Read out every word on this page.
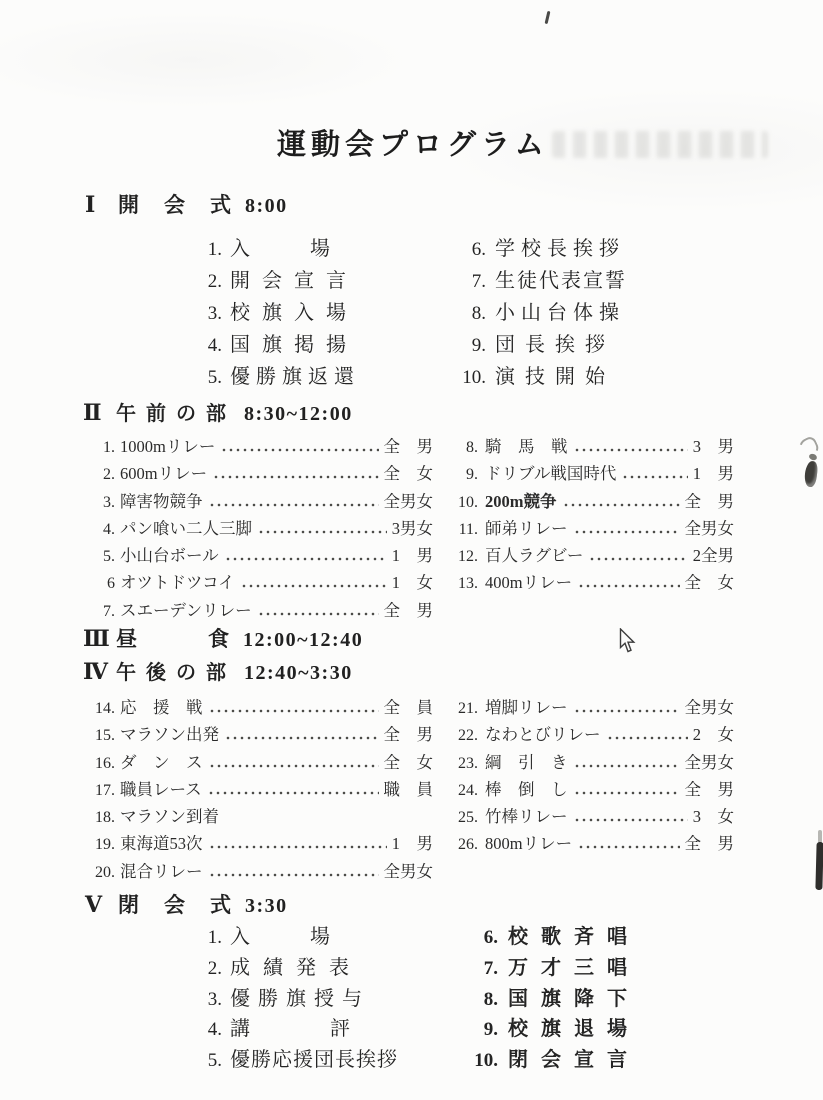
運動会プログラム
Ⅰ	開　会　式 8:00
1. 入　　　場
2. 開会宣言
3. 校旗入場
4. 国旗掲揚
5. 優勝旗返還
6. 学校長挨拶
7. 生徒代表宣誓
8. 小山台体操
9. 団長挨拶
10. 演技開始
Ⅱ 午前の部 8:30~12:00
1. 1000mリレー	全　男
2. 600mリレー	全　女
3. 障害物競争	全男女
4. パン喰い二人三脚	3男女
5. 小山台ボール	1　男
6 オツトドツコイ	1　女
7. スエーデンリレー	全　男
8. 騎　馬　戦	3　男
9. ドリブル戦国時代	1　男
10. 200m競争	全　男
11. 師弟リレー	全男女
12. 百人ラグビー	2全男
13. 400mリレー	全　女
Ⅲ 昼　　　食 12:00~12:40
Ⅳ 午後の部 12:40~3:30
14. 応　援　戦	全　員
15. マラソン出発	全　男
16. ダ　ン　ス	全　女
17. 職員レース	職　員
18. マラソン到着
19. 東海道53次	1　男
20. 混合リレー	全男女
21. 増脚リレー	全男女
22. なわとびリレー	2　女
23. 綱　引　き	全男女
24. 棒　倒　し	全　男
25. 竹棒リレー	3　女
26. 800mリレー	全　男
Ⅴ 閉　会　式 3:30
1. 入　　　場
2. 成績発表
3. 優勝旗授与
4. 講　　　　評
5. 優勝応援団長挨拶
6. 校歌斉唱
7. 万才三唱
8. 国旗降下
9. 校旗退場
10. 閉会宣言
